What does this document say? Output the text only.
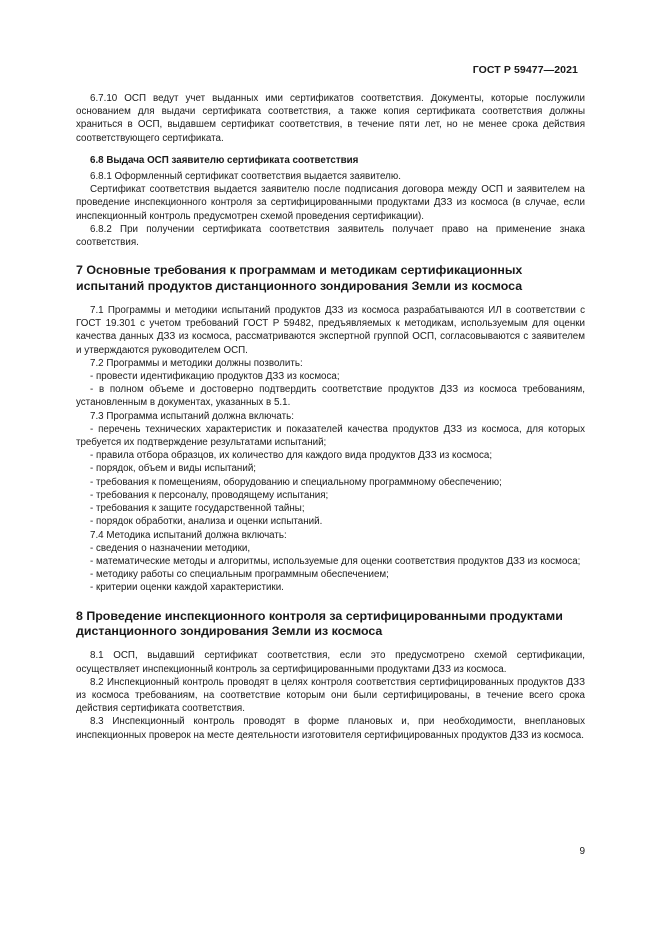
ГОСТ Р 59477—2021

6.7.10 ОСП ведут учет выданных ими сертификатов соответствия. Документы, которые послужили основанием для выдачи сертификата соответствия, а также копия сертификата соответствия должны храниться в ОСП, выдавшем сертификат соответствия, в течение пяти лет, но не менее срока действия соответствующего сертификата.

6.8 Выдача ОСП заявителю сертификата соответствия

6.8.1 Оформленный сертификат соответствия выдается заявителю.

Сертификат соответствия выдается заявителю после подписания договора между ОСП и заявителем на проведение инспекционного контроля за сертифицированными продуктами ДЗЗ из космоса (в случае, если инспекционный контроль предусмотрен схемой проведения сертификации).

6.8.2 При получении сертификата соответствия заявитель получает право на применение знака соответствия.

7 Основные требования к программам и методикам сертификационных испытаний продуктов дистанционного зондирования Земли из космоса

7.1 Программы и методики испытаний продуктов ДЗЗ из космоса разрабатываются ИЛ в соответствии с ГОСТ 19.301 с учетом требований ГОСТ Р 59482, предъявляемых к методикам, используемым для оценки качества данных ДЗЗ из космоса, рассматриваются экспертной группой ОСП, согласовываются с заявителем и утверждаются руководителем ОСП.

7.2 Программы и методики должны позволить:

- провести идентификацию продуктов ДЗЗ из космоса;

- в полном объеме и достоверно подтвердить соответствие продуктов ДЗЗ из космоса требованиям, установленным в документах, указанных в 5.1.

7.3 Программа испытаний должна включать:

- перечень технических характеристик и показателей качества продуктов ДЗЗ из космоса, для которых требуется их подтверждение результатами испытаний;

- правила отбора образцов, их количество для каждого вида продуктов ДЗЗ из космоса;

- порядок, объем и виды испытаний;

- требования к помещениям, оборудованию и специальному программному обеспечению;

- требования к персоналу, проводящему испытания;

- требования к защите государственной тайны;

- порядок обработки, анализа и оценки испытаний.

7.4 Методика испытаний должна включать:

- сведения о назначении методики,

- математические методы и алгоритмы, используемые для оценки соответствия продуктов ДЗЗ из космоса;

- методику работы со специальным программным обеспечением;

- критерии оценки каждой характеристики.

8 Проведение инспекционного контроля за сертифицированными продуктами дистанционного зондирования Земли из космоса

8.1 ОСП, выдавший сертификат соответствия, если это предусмотрено схемой сертификации, осуществляет инспекционный контроль за сертифицированными продуктами ДЗЗ из космоса.

8.2 Инспекционный контроль проводят в целях контроля соответствия сертифицированных продуктов ДЗЗ из космоса требованиям, на соответствие которым они были сертифицированы, в течение всего срока действия сертификата соответствия.

8.3 Инспекционный контроль проводят в форме плановых и, при необходимости, внеплановых инспекционных проверок на месте деятельности изготовителя сертифицированных продуктов ДЗЗ из космоса.

9
